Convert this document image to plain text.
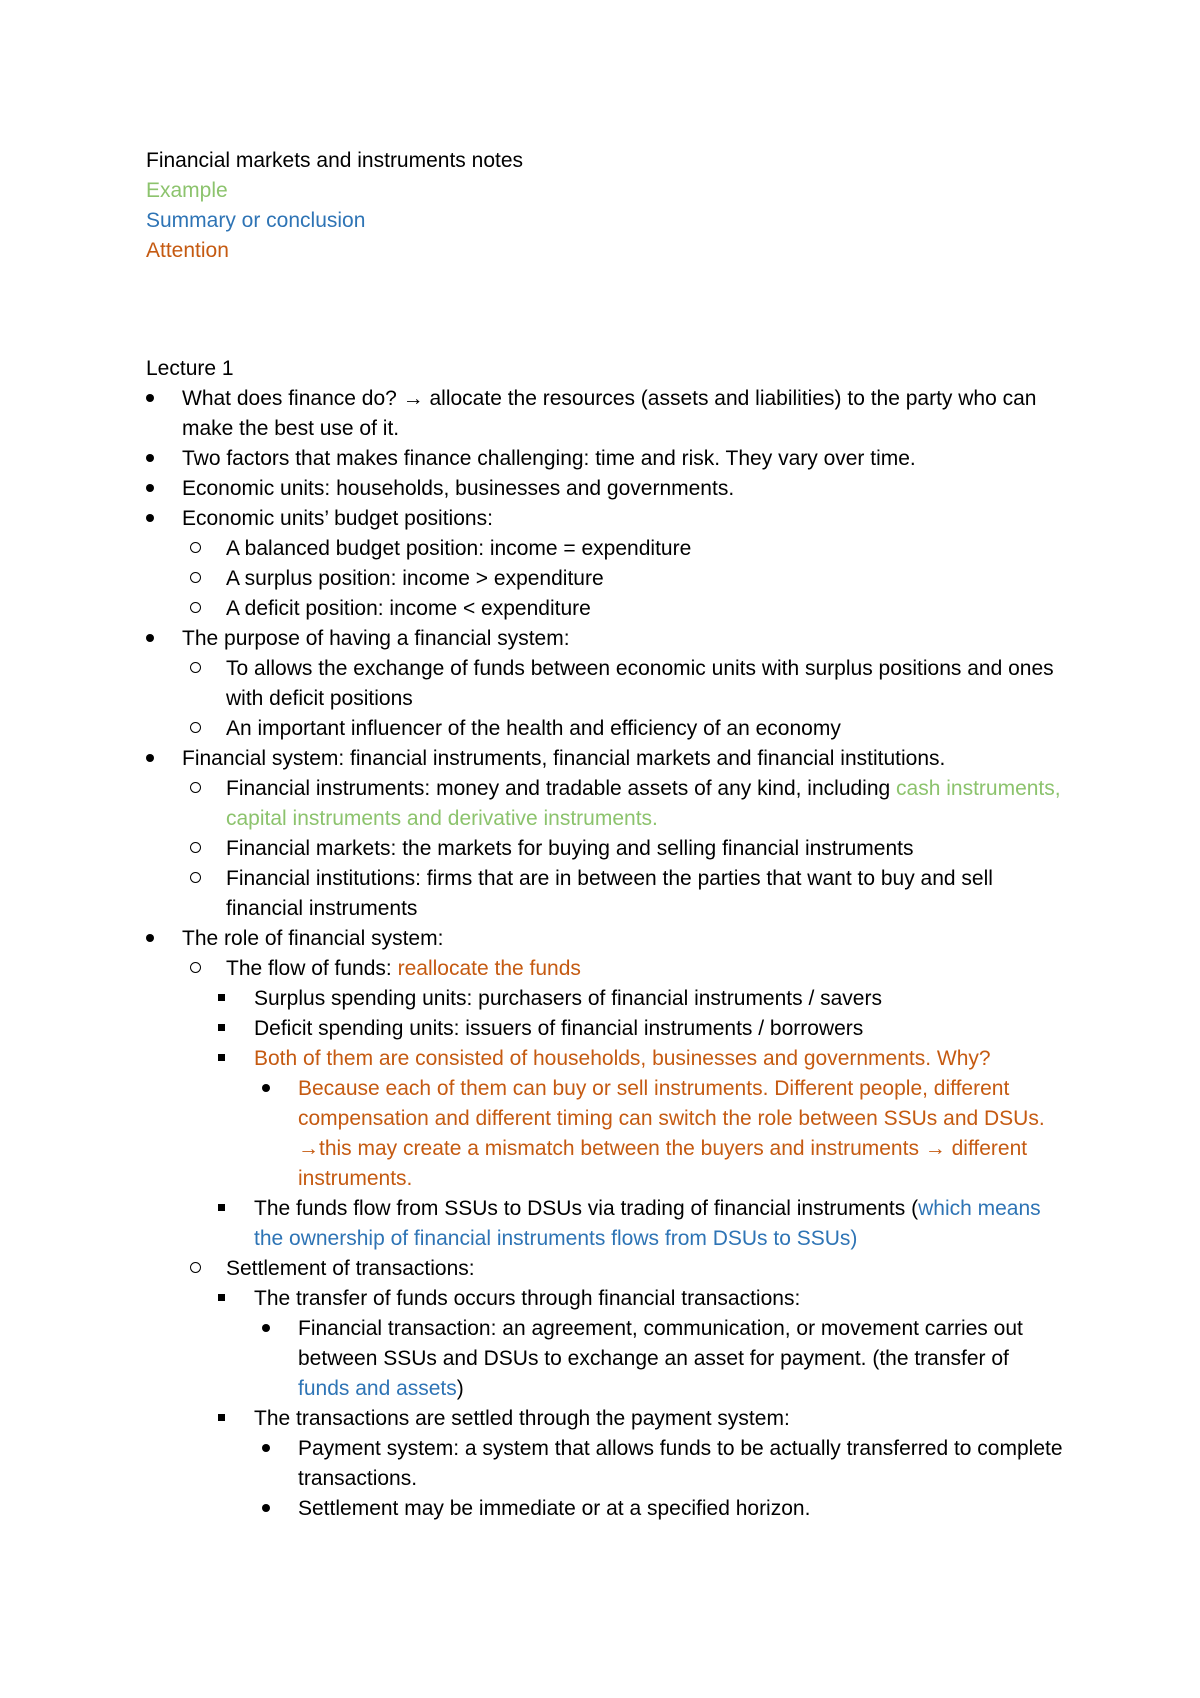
Financial markets and instruments notes
Example
Summary or conclusion
Attention
Lecture 1
What does finance do? → allocate the resources (assets and liabilities) to the party who can make the best use of it.
Two factors that makes finance challenging: time and risk. They vary over time.
Economic units: households, businesses and governments.
Economic units’ budget positions:
A balanced budget position: income = expenditure
A surplus position: income > expenditure
A deficit position: income < expenditure
The purpose of having a financial system:
To allows the exchange of funds between economic units with surplus positions and ones with deficit positions
An important influencer of the health and efficiency of an economy
Financial system: financial instruments, financial markets and financial institutions.
Financial instruments: money and tradable assets of any kind, including cash instruments, capital instruments and derivative instruments.
Financial markets: the markets for buying and selling financial instruments
Financial institutions: firms that are in between the parties that want to buy and sell financial instruments
The role of financial system:
The flow of funds: reallocate the funds
Surplus spending units: purchasers of financial instruments / savers
Deficit spending units: issuers of financial instruments / borrowers
Both of them are consisted of households, businesses and governments. Why?
Because each of them can buy or sell instruments. Different people, different compensation and different timing can switch the role between SSUs and DSUs. →this may create a mismatch between the buyers and instruments → different instruments.
The funds flow from SSUs to DSUs via trading of financial instruments (which means the ownership of financial instruments flows from DSUs to SSUs)
Settlement of transactions:
The transfer of funds occurs through financial transactions:
Financial transaction: an agreement, communication, or movement carries out between SSUs and DSUs to exchange an asset for payment. (the transfer of funds and assets)
The transactions are settled through the payment system:
Payment system: a system that allows funds to be actually transferred to complete transactions.
Settlement may be immediate or at a specified horizon.
